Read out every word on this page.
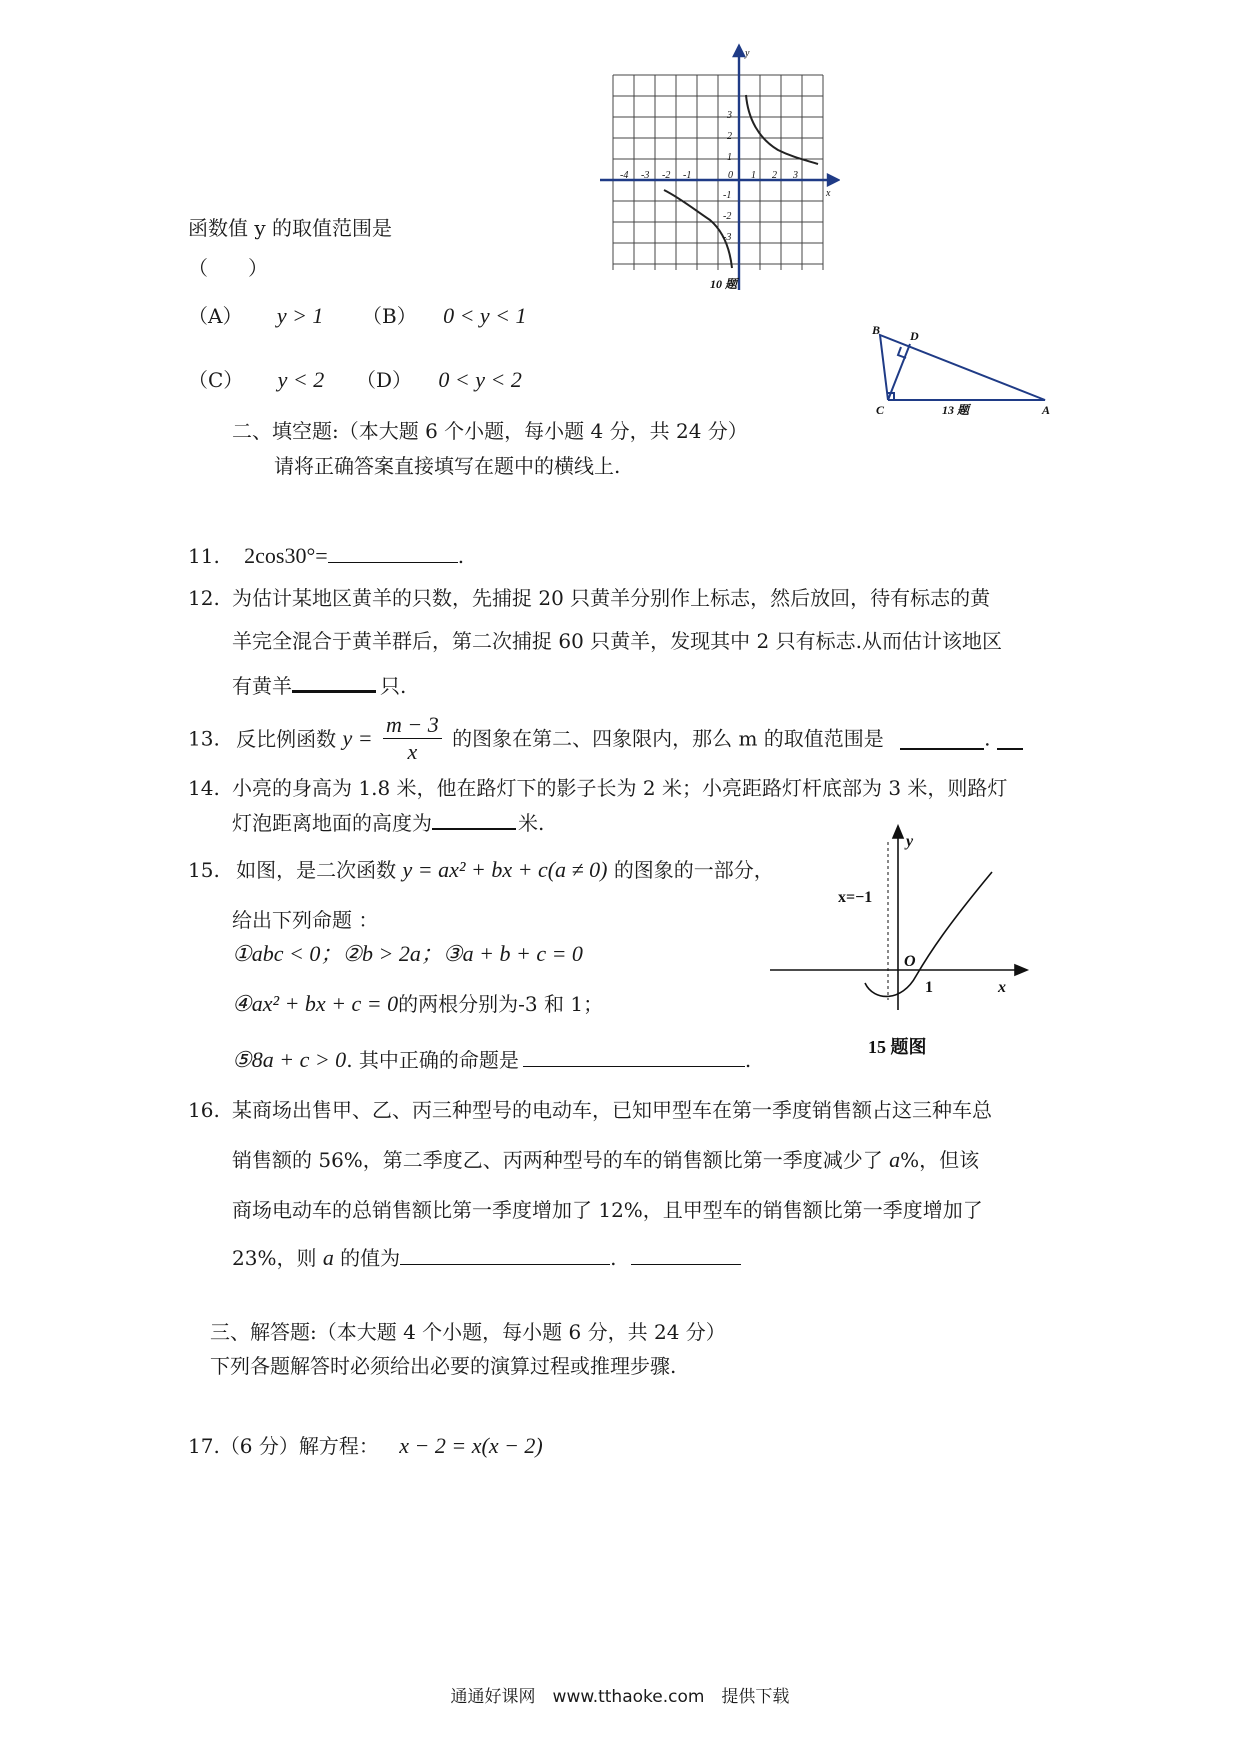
-4 -3 -2 -1	1 2 3
3
2
1
-1
-2
-3
0
x
y
10 题
B D
C	A
13 题
x=−1
y
O
1	x
15 题图
函数值 y 的取值范围是
（　　）
（A） y > 1 （B） 0 < y < 1
（C） y < 2 （D） 0 < y < 2
二、填空题:（本大题 6 个小题，每小题 4 分，共 24 分）
请将正确答案直接填写在题中的横线上.
11. 2cos30°=	.
12. 为估计某地区黄羊的只数，先捕捉 20 只黄羊分别作上标志，然后放回，待有标志的黄
羊完全混合于黄羊群后，第二次捕捉 60 只黄羊，发现其中 2 只有标志.从而估计该地区
有黄羊	只.
13. 反比例函数 $y = \frac{m - 3}{x}$ 的图象在第二、四象限内，那么 m 的取值范围是	.
14. 小亮的身高为 1.8 米，他在路灯下的影子长为 2 米；小亮距路灯杆底部为 3 米，则路灯
灯泡距离地面的高度为	米.
15. 如图，是二次函数 y = ax² + bx + c(a ≠ 0) 的图象的一部分，
给出下列命题 ：
①abc < 0；②b > 2a；③a + b + c = 0
④ax² + bx + c = 0的两根分别为-3 和 1；
⑤8a + c > 0. 其中正确的命题是	.
16. 某商场出售甲、乙、丙三种型号的电动车，已知甲型车在第一季度销售额占这三种车总
销售额的 56%，第二季度乙、丙两种型号的车的销售额比第一季度减少了 a%，但该
商场电动车的总销售额比第一季度增加了 12%，且甲型车的销售额比第一季度增加了
23%，则 a 的值为	.
三、解答题:（本大题 4 个小题，每小题 6 分，共 24 分）
下列各题解答时必须给出必要的演算过程或推理步骤.
17.（6 分）解方程： x − 2 = x(x − 2)
通通好课网　www.tthaoke.com　提供下载
